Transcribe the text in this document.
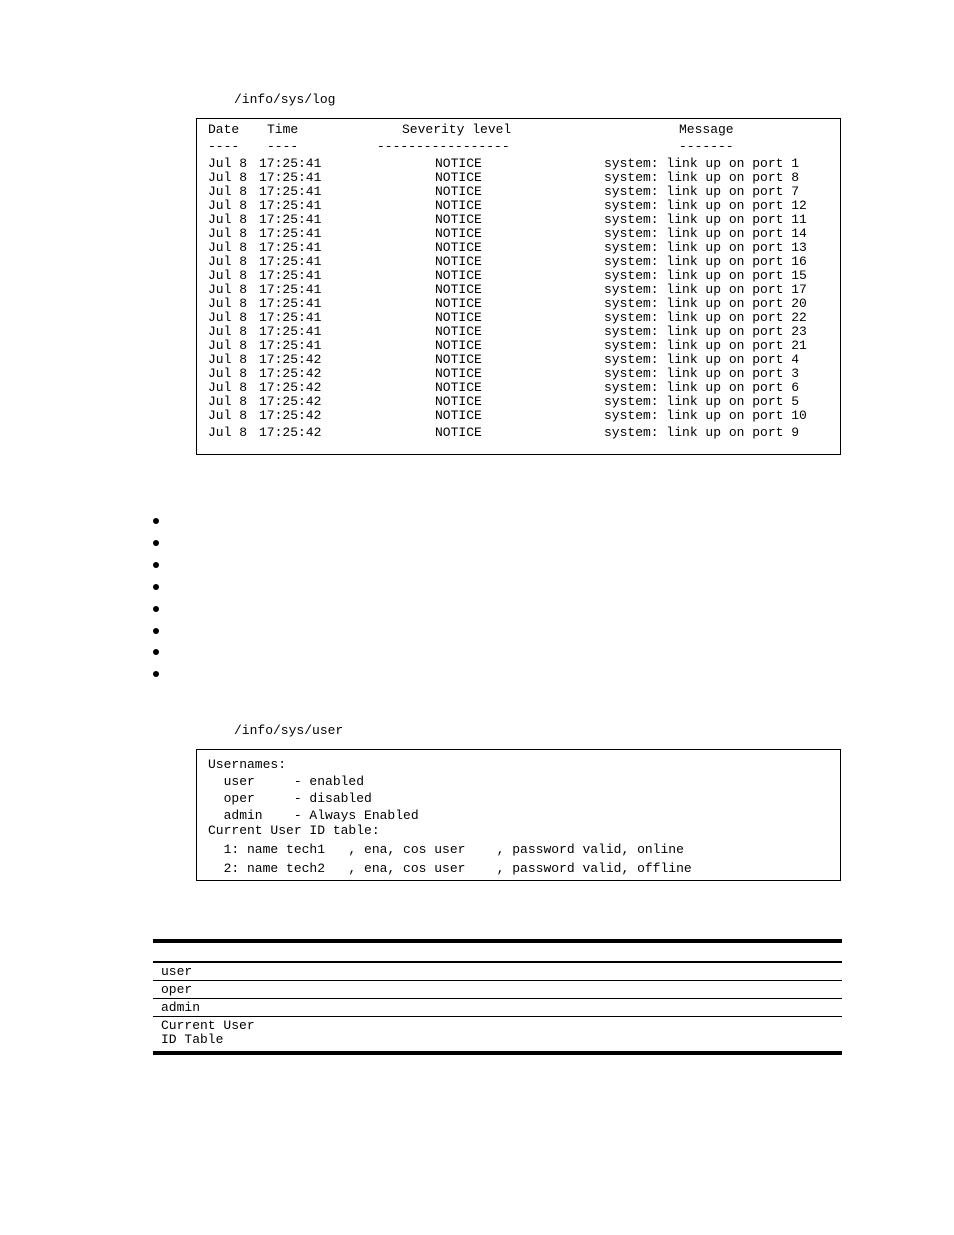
/info/sys/log
Date Time	Severity level	Message
---- ----	-----------------	-------
Jul 8 17:25:41	NOTICE	system: link up on port 1
Jul 8 17:25:41	NOTICE	system: link up on port 8
Jul 8 17:25:41	NOTICE	system: link up on port 7
Jul 8 17:25:41	NOTICE	system: link up on port 12
Jul 8 17:25:41	NOTICE	system: link up on port 11
Jul 8 17:25:41	NOTICE	system: link up on port 14
Jul 8 17:25:41	NOTICE	system: link up on port 13
Jul 8 17:25:41	NOTICE	system: link up on port 16
Jul 8 17:25:41	NOTICE	system: link up on port 15
Jul 8 17:25:41	NOTICE	system: link up on port 17
Jul 8 17:25:41	NOTICE	system: link up on port 20
Jul 8 17:25:41	NOTICE	system: link up on port 22
Jul 8 17:25:41	NOTICE	system: link up on port 23
Jul 8 17:25:41	NOTICE	system: link up on port 21
Jul 8 17:25:42	NOTICE	system: link up on port 4
Jul 8 17:25:42	NOTICE	system: link up on port 3
Jul 8 17:25:42	NOTICE	system: link up on port 6
Jul 8 17:25:42	NOTICE	system: link up on port 5
Jul 8 17:25:42	NOTICE	system: link up on port 10
Jul 8 17:25:42	NOTICE	system: link up on port 9
/info/sys/user
Usernames:
user     - enabled
oper     - disabled
admin    - Always Enabled
Current User ID table:
1: name tech1   , ena, cos user    , password valid, online
2: name tech2   , ena, cos user    , password valid, offline
user
oper
admin
Current User
ID Table
